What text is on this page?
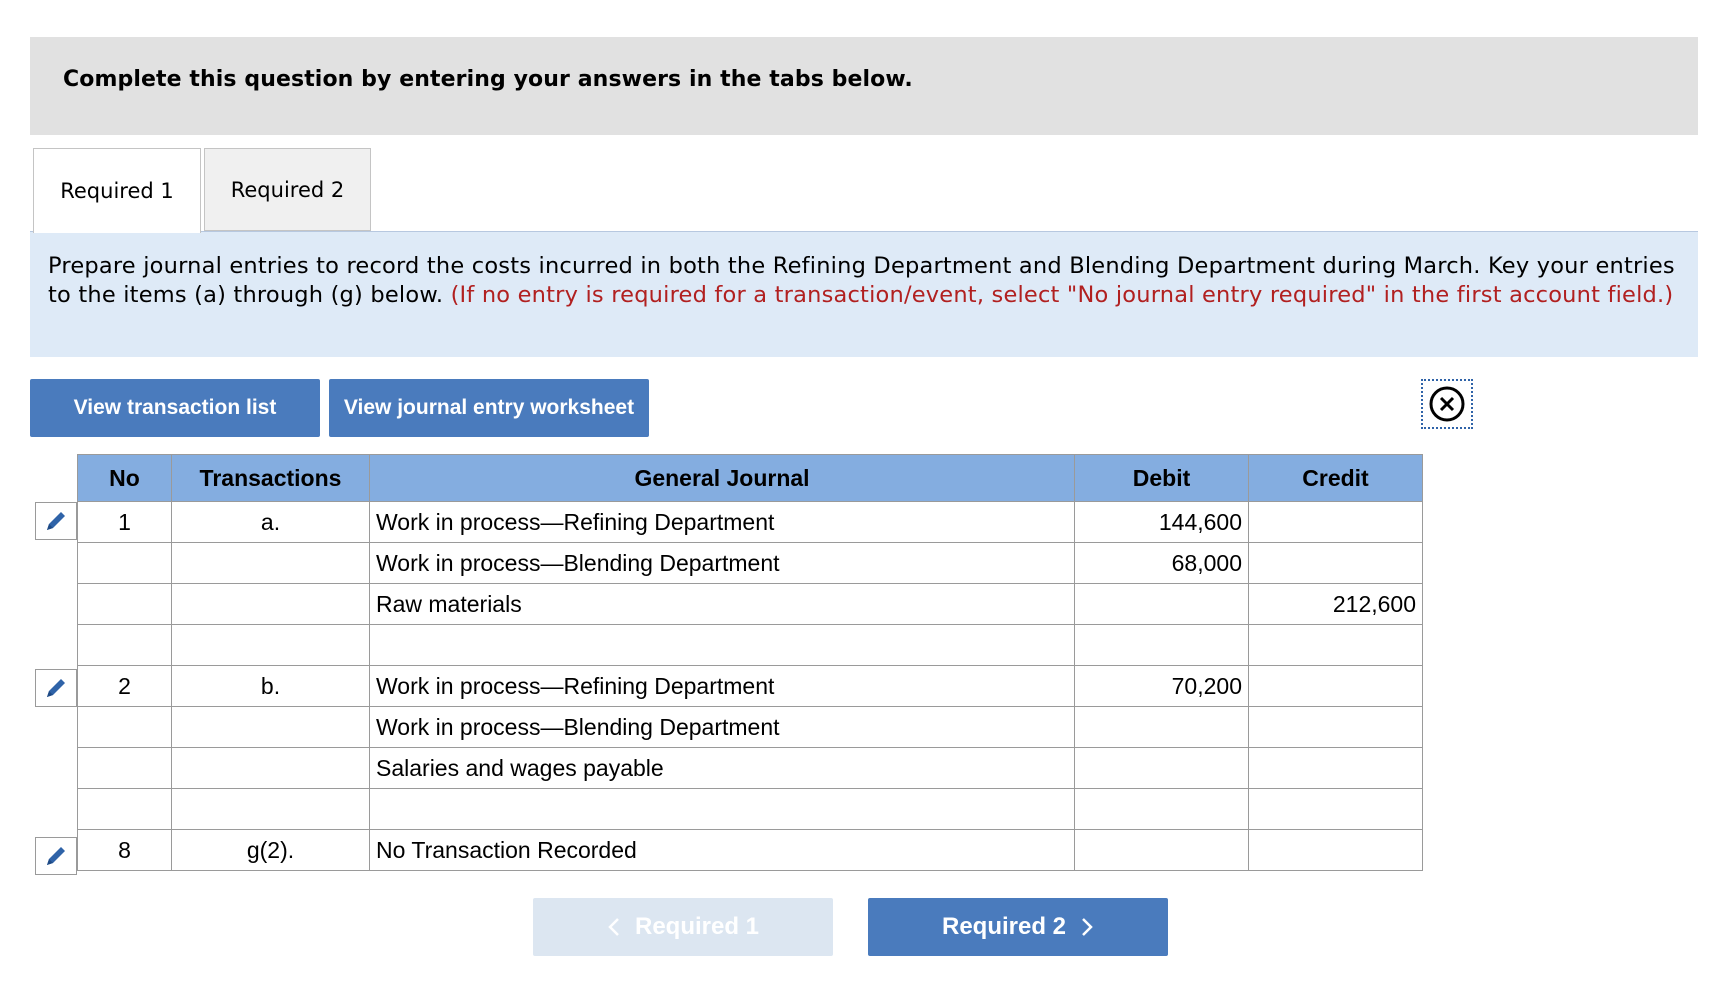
Complete this question by entering your answers in the tabs below.
Required 1	Required 2
Prepare journal entries to record the costs incurred in both the Refining Department and Blending Department during March. Key your entries to the items (a) through (g) below. (If no entry is required for a transaction/event, select "No journal entry required" in the first account field.)
View transaction list	View journal entry worksheet
No	Transactions	General Journal	Debit	Credit
1	a.	Work in process—Refining Department	144,600	
		Work in process—Blending Department	68,000	
		Raw materials		212,600

2	b.	Work in process—Refining Department	70,200	
		Work in process—Blending Department		
		Salaries and wages payable		

8	g(2).	No Transaction Recorded		
Required 1	Required 2
